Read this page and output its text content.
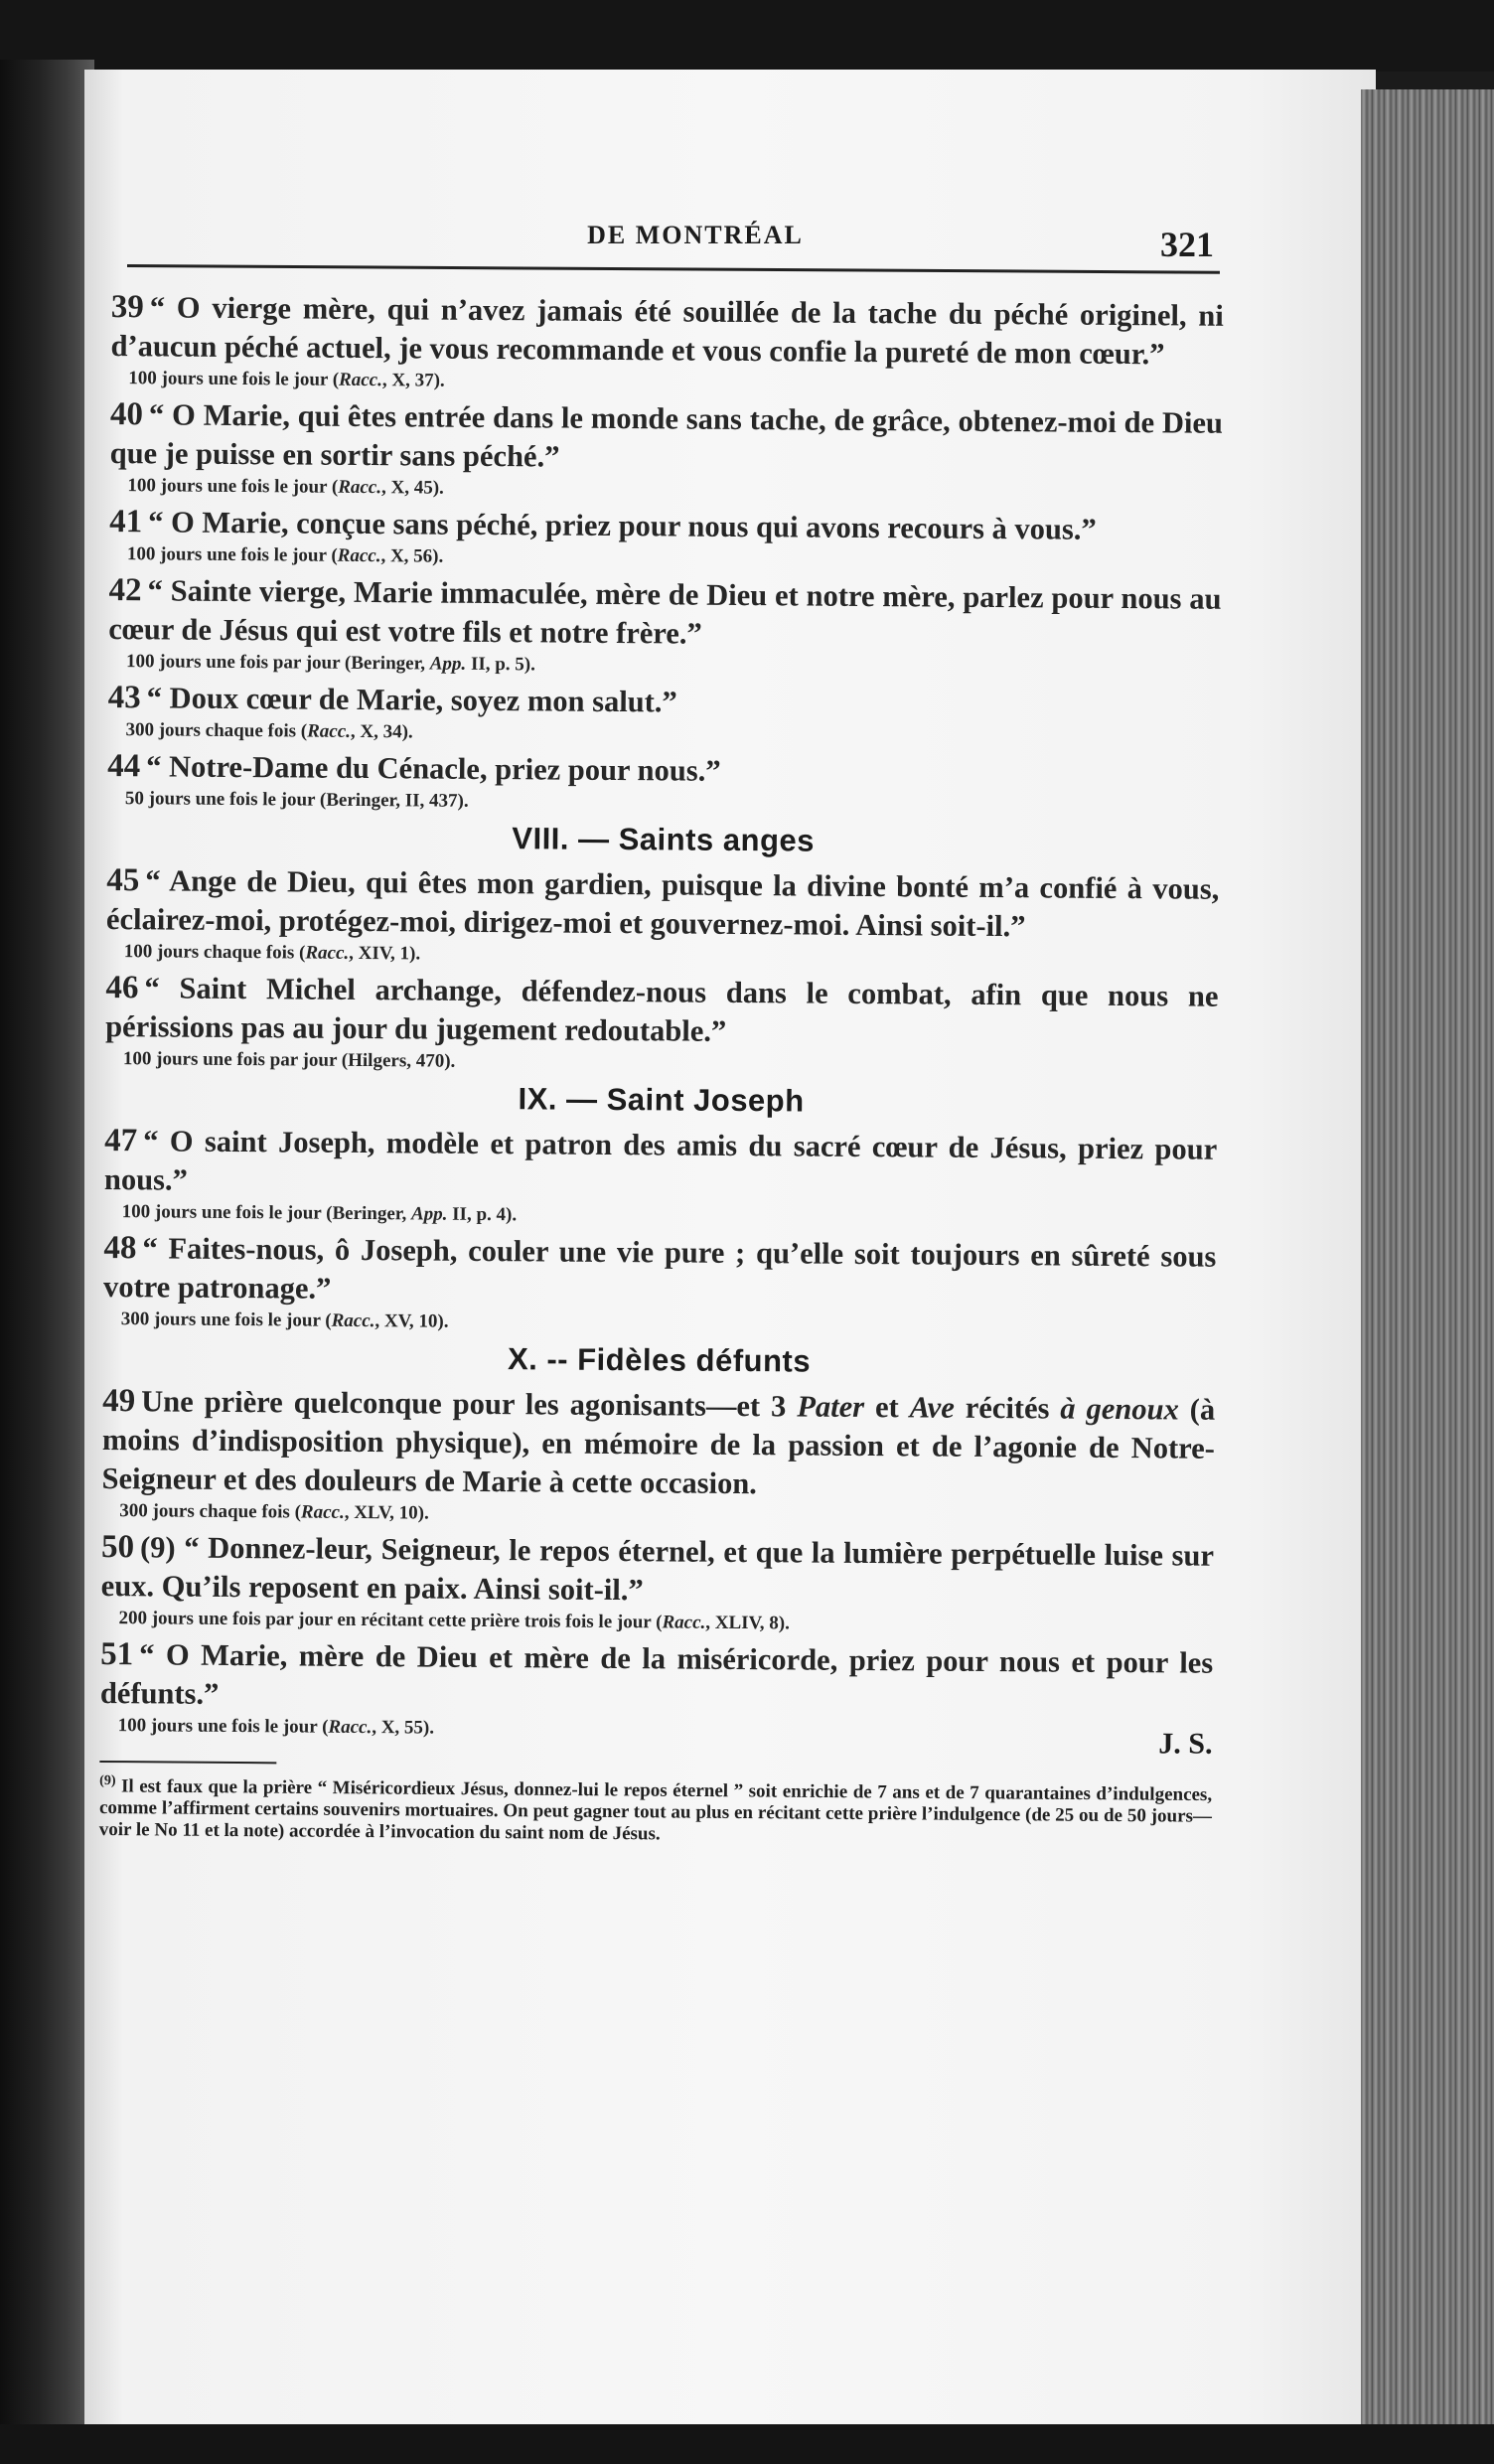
DE MONTRÉAL	321

39 “ O vierge mère, qui n’avez jamais été souillée de la tache du péché originel, ni d’aucun péché actuel, je vous recommande et vous confie la pureté de mon cœur.”

100 jours une fois le jour (Racc., X, 37).

40 “ O Marie, qui êtes entrée dans le monde sans tache, de grâce, obtenez-moi de Dieu que je puisse en sortir sans péché.”

100 jours une fois le jour (Racc., X, 45).

41 “ O Marie, conçue sans péché, priez pour nous qui avons recours à vous.”

100 jours une fois le jour (Racc., X, 56).

42 “ Sainte vierge, Marie immaculée, mère de Dieu et notre mère, parlez pour nous au cœur de Jésus qui est votre fils et notre frère.”

100 jours une fois par jour (Beringer, App. II, p. 5).

43 “ Doux cœur de Marie, soyez mon salut.”

300 jours chaque fois (Racc., X, 34).

44 “ Notre-Dame du Cénacle, priez pour nous.”

50 jours une fois le jour (Beringer, II, 437).

VIII. — Saints anges

45 “ Ange de Dieu, qui êtes mon gardien, puisque la divine bonté m’a confié à vous, éclairez-moi, protégez-moi, dirigez-moi et gouvernez-moi. Ainsi soit-il.”

100 jours chaque fois (Racc., XIV, 1).

46 “ Saint Michel archange, défendez-nous dans le combat, afin que nous ne périssions pas au jour du jugement redoutable.”

100 jours une fois par jour (Hilgers, 470).

IX. — Saint Joseph

47 “ O saint Joseph, modèle et patron des amis du sacré cœur de Jésus, priez pour nous.”

100 jours une fois le jour (Beringer, App. II, p. 4).

48 “ Faites-nous, ô Joseph, couler une vie pure ; qu’elle soit toujours en sûreté sous votre patronage.”

300 jours une fois le jour (Racc., XV, 10).

X. -- Fidèles défunts

49 Une prière quelconque pour les agonisants—et 3 Pater et Ave récités à genoux (à moins d’indisposition physique), en mémoire de la passion et de l’agonie de Notre-Seigneur et des douleurs de Marie à cette occasion.

300 jours chaque fois (Racc., XLV, 10).

50 (9) “ Donnez-leur, Seigneur, le repos éternel, et que la lumière perpétuelle luise sur eux. Qu’ils reposent en paix. Ainsi soit-il.”

200 jours une fois par jour en récitant cette prière trois fois le jour (Racc., XLIV, 8).

51 “ O Marie, mère de Dieu et mère de la miséricorde, priez pour nous et pour les défunts.”

100 jours une fois le jour (Racc., X, 55).	J. S.

$^{(9)}$ Il est faux que la prière “ Miséricordieux Jésus, donnez-lui le repos éternel ” soit enrichie de 7 ans et de 7 quarantaines d’indulgences, comme l’affirment certains souvenirs mortuaires. On peut gagner tout au plus en récitant cette prière l’indulgence (de 25 ou de 50 jours—voir le No 11 et la note) accordée à l’invocation du saint nom de Jésus.
